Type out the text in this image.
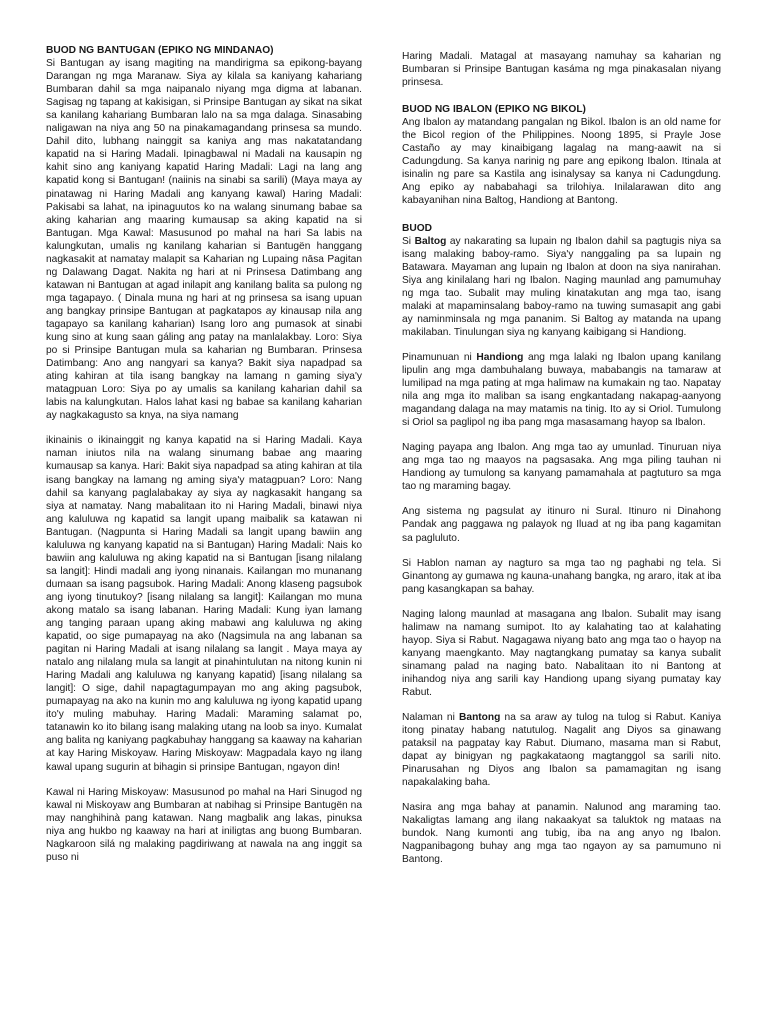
BUOD NG BANTUGAN (EPIKO NG MINDANAO)

Si Bantugan ay isang magiting na mandirigma sa epikong-bayang Darangan ng mga Maranaw. Siya ay kilala sa kaniyang kahariang Bumbaran dahil sa mga naipanalo niyang mga digma at labanan. Sagisag ng tapang at kakisigan, si Prinsipe Bantugan ay sikat na sikat sa kanilang kahariang Bumbaran lalo na sa mga dalaga. Sinasabing naligawan na niya ang 50 na pinakamagandang prinsesa sa mundo. Dahil dito, lubhang nainggit sa kaniya ang mas nakatatandang kapatid na si Haring Madali. Ipinagbawal ni Madali na kausapin ng kahit sino ang kaniyang kapatid Haring Madali: Lagi na lang ang kapatid kong si Bantugan! (naiinis na sinabi sa sarili) (Maya maya ay pinatawag ni Haring Madali ang kanyang kawal) Haring Madali: Pakisabi sa lahat, na ipinaguutos ko na walang sinumang babae sa aking kaharian ang maaring kumausap sa aking kapatid na si Bantugan. Mga Kawal: Masusunod po mahal na hari Sa labis na kalungkutan, umalis ng kanilang kaharian si Bantugën hanggang nagkasakit at namatay malapit sa Kaharian ng Lupaing nāsa Pagitan ng Dalawang Dagat. Nakita ng hari at ni Prinsesa Datimbang ang katawan ni Bantugan at agad inilapit ang kanilang balita sa pulong ng mga tagapayo. ( Dinala muna ng hari at ng prinsesa sa isang upuan ang bangkay prinsipe Bantugan at pagkatapos ay kinausap nila ang tagapayo sa kanilang kaharian) Isang loro ang pumasok at sinabi kung sino at kung saan gáling ang patay na manlalakbay. Loro: Siya po si Prinsipe Bantugan mula sa kaharian ng Bumbaran. Prinsesa Datimbang: Ano ang nangyari sa kanya? Bakit siya napadpad sa ating kahiran at tila isang bangkay na lamang n gaming siya'y matagpuan Loro: Siya po ay umalis sa kanilang kaharian dahil sa labis na kalungkutan. Halos lahat kasi ng babae sa kanilang kaharian ay nagkakagusto sa knya, na siya namang

ikinainis o ikinainggit ng kanya kapatid na si Haring Madali. Kaya naman iniutos nila na walang sinumang babae ang maaring kumausap sa kanya. Hari: Bakit siya napadpad sa ating kahiran at tila isang bangkay na lamang ng aming siya'y matagpuan? Loro: Nang dahil sa kanyang paglalabakay ay siya ay nagkasakit hangang sa siya at namatay. Nang mabalitaan ito ni Haring Madali, binawi niya ang kaluluwa ng kapatid sa langit upang maibalik sa katawan ni Bantugan. (Nagpunta si Haring Madali sa langit upang bawiin ang kaluluwa ng kanyang kapatid na si Bantugan) Haring Madali: Nais ko bawiin ang kaluluwa ng aking kapatid na si Bantugan [isang nilalang sa langit]: Hindi madali ang iyong ninanais. Kailangan mo munanang dumaan sa isang pagsubok. Haring Madali: Anong klaseng pagsubok ang iyong tinutukoy? [isang nilalang sa langit]: Kailangan mo muna akong matalo sa isang labanan. Haring Madali: Kung iyan lamang ang tanging paraan upang aking mabawi ang kaluluwa ng aking kapatid, oo sige pumapayag na ako (Nagsimula na ang labanan sa pagitan ni Haring Madali at isang nilalang sa langit . Maya maya ay natalo ang nilalang mula sa langit at pinahintulutan na nitong kunin ni Haring Madali ang kaluluwa ng kanyang kapatid) [isang nilalang sa langit]: O sige, dahil napagtagumpayan mo ang aking pagsubok, pumapayag na ako na kunin mo ang kaluluwa ng iyong kapatid upang ito'y muling mabuhay. Haring Madali: Maraming salamat po, tatanawin ko ito bilang isang malaking utang na loob sa inyo. Kumalat ang balita ng kaniyang pagkabuhay hanggang sa kaaway na kaharian at kay Haring Miskoyaw. Haring Miskoyaw: Magpadala kayo ng ilang kawal upang sugurin at bihagin si prinsipe Bantugan, ngayon din!

Kawal ni Haring Miskoyaw: Masusunod po mahal na Hari Sinugod ng kawal ni Miskoyaw ang Bumbaran at nabihag si Prinsipe Bantugën na may nanghihinà pang katawan. Nang magbalik ang lakas, pinuksa niya ang hukbo ng kaaway na hari at iniligtas ang buong Bumbaran. Nagkaroon silá ng malaking pagdiriwang at nawala na ang inggit sa puso ni

Haring Madali. Matagal at masayang namuhay sa kaharian ng Bumbaran si Prinsipe Bantugan kasáma ng mga pinakasalan niyang prinsesa.

BUOD NG IBALON (EPIKO NG BIKOL)

Ang Ibalon ay matandang pangalan ng Bikol. Ibalon is an old name for the Bicol region of the Philippines. Noong 1895, si Prayle Jose Castaño ay may kinaibigang lagalag na mang-aawit na si Cadungdung. Sa kanya narinig ng pare ang epikong Ibalon. Itinala at isinalin ng pare sa Kastila ang isinalysay sa kanya ni Cadungdung. Ang epiko ay nababahagi sa trilohiya. Inilalarawan dito ang kabayanihan nina Baltog, Handiong at Bantong.

BUOD

Si Baltog ay nakarating sa lupain ng Ibalon dahil sa pagtugis niya sa isang malaking baboy-ramo. Siya'y nanggaling pa sa lupain ng Batawara. Mayaman ang lupain ng Ibalon at doon na siya nanirahan. Siya ang kinilalang hari ng Ibalon. Naging maunlad ang pamumuhay ng mga tao. Subalit may muling kinatakutan ang mga tao, isang malaki at mapaminsalang baboy-ramo na tuwing sumasapit ang gabi ay naminminsala ng mga pananim. Si Baltog ay matanda na upang makilaban. Tinulungan siya ng kanyang kaibigang si Handiong.

Pinamunuan ni Handiong ang mga lalaki ng Ibalon upang kanilang lipulin ang mga dambuhalang buwaya, mababangis na tamaraw at lumilipad na mga pating at mga halimaw na kumakain ng tao. Napatay nila ang mga ito maliban sa isang engkantadang nakapag-aanyong magandang dalaga na may matamis na tinig. Ito ay si Oriol. Tumulong si Oriol sa paglipol ng iba pang mga masasamang hayop sa Ibalon.

Naging payapa ang Ibalon. Ang mga tao ay umunlad. Tinuruan niya ang mga tao ng maayos na pagsasaka. Ang mga piling tauhan ni Handiong ay tumulong sa kanyang pamamahala at pagtuturo sa mga tao ng maraming bagay.

Ang sistema ng pagsulat ay itinuro ni Sural. Itinuro ni Dinahong Pandak ang paggawa ng palayok ng Iluad at ng iba pang kagamitan sa pagluluto.

Si Hablon naman ay nagturo sa mga tao ng paghabi ng tela. Si Ginantong ay gumawa ng kauna-unahang bangka, ng araro, itak at iba pang kasangkapan sa bahay.

Naging lalong maunlad at masagana ang Ibalon. Subalit may isang halimaw na namang sumipot. Ito ay kalahating tao at kalahating hayop. Siya si Rabut. Nagagawa niyang bato ang mga tao o hayop na kanyang maengkanto. May nagtangkang pumatay sa kanya subalit sinamang palad na naging bato. Nabalitaan ito ni Bantong at inihandog niya ang sarili kay Handiong upang siyang pumatay kay Rabut.

Nalaman ni Bantong na sa araw ay tulog na tulog si Rabut. Kaniya itong pinatay habang natutulog. Nagalit ang Diyos sa ginawang pataksil na pagpatay kay Rabut. Diumano, masama man si Rabut, dapat ay binigyan ng pagkakataong magtanggol sa sarili nito. Pinarusahan ng Diyos ang Ibalon sa pamamagitan ng isang napakalaking baha.

Nasira ang mga bahay at panamin. Nalunod ang maraming tao. Nakaligtas lamang ang ilang nakaakyat sa taluktok ng mataas na bundok. Nang kumonti ang tubig, iba na ang anyo ng Ibalon. Nagpanibagong buhay ang mga tao ngayon ay sa pamumuno ni Bantong.
